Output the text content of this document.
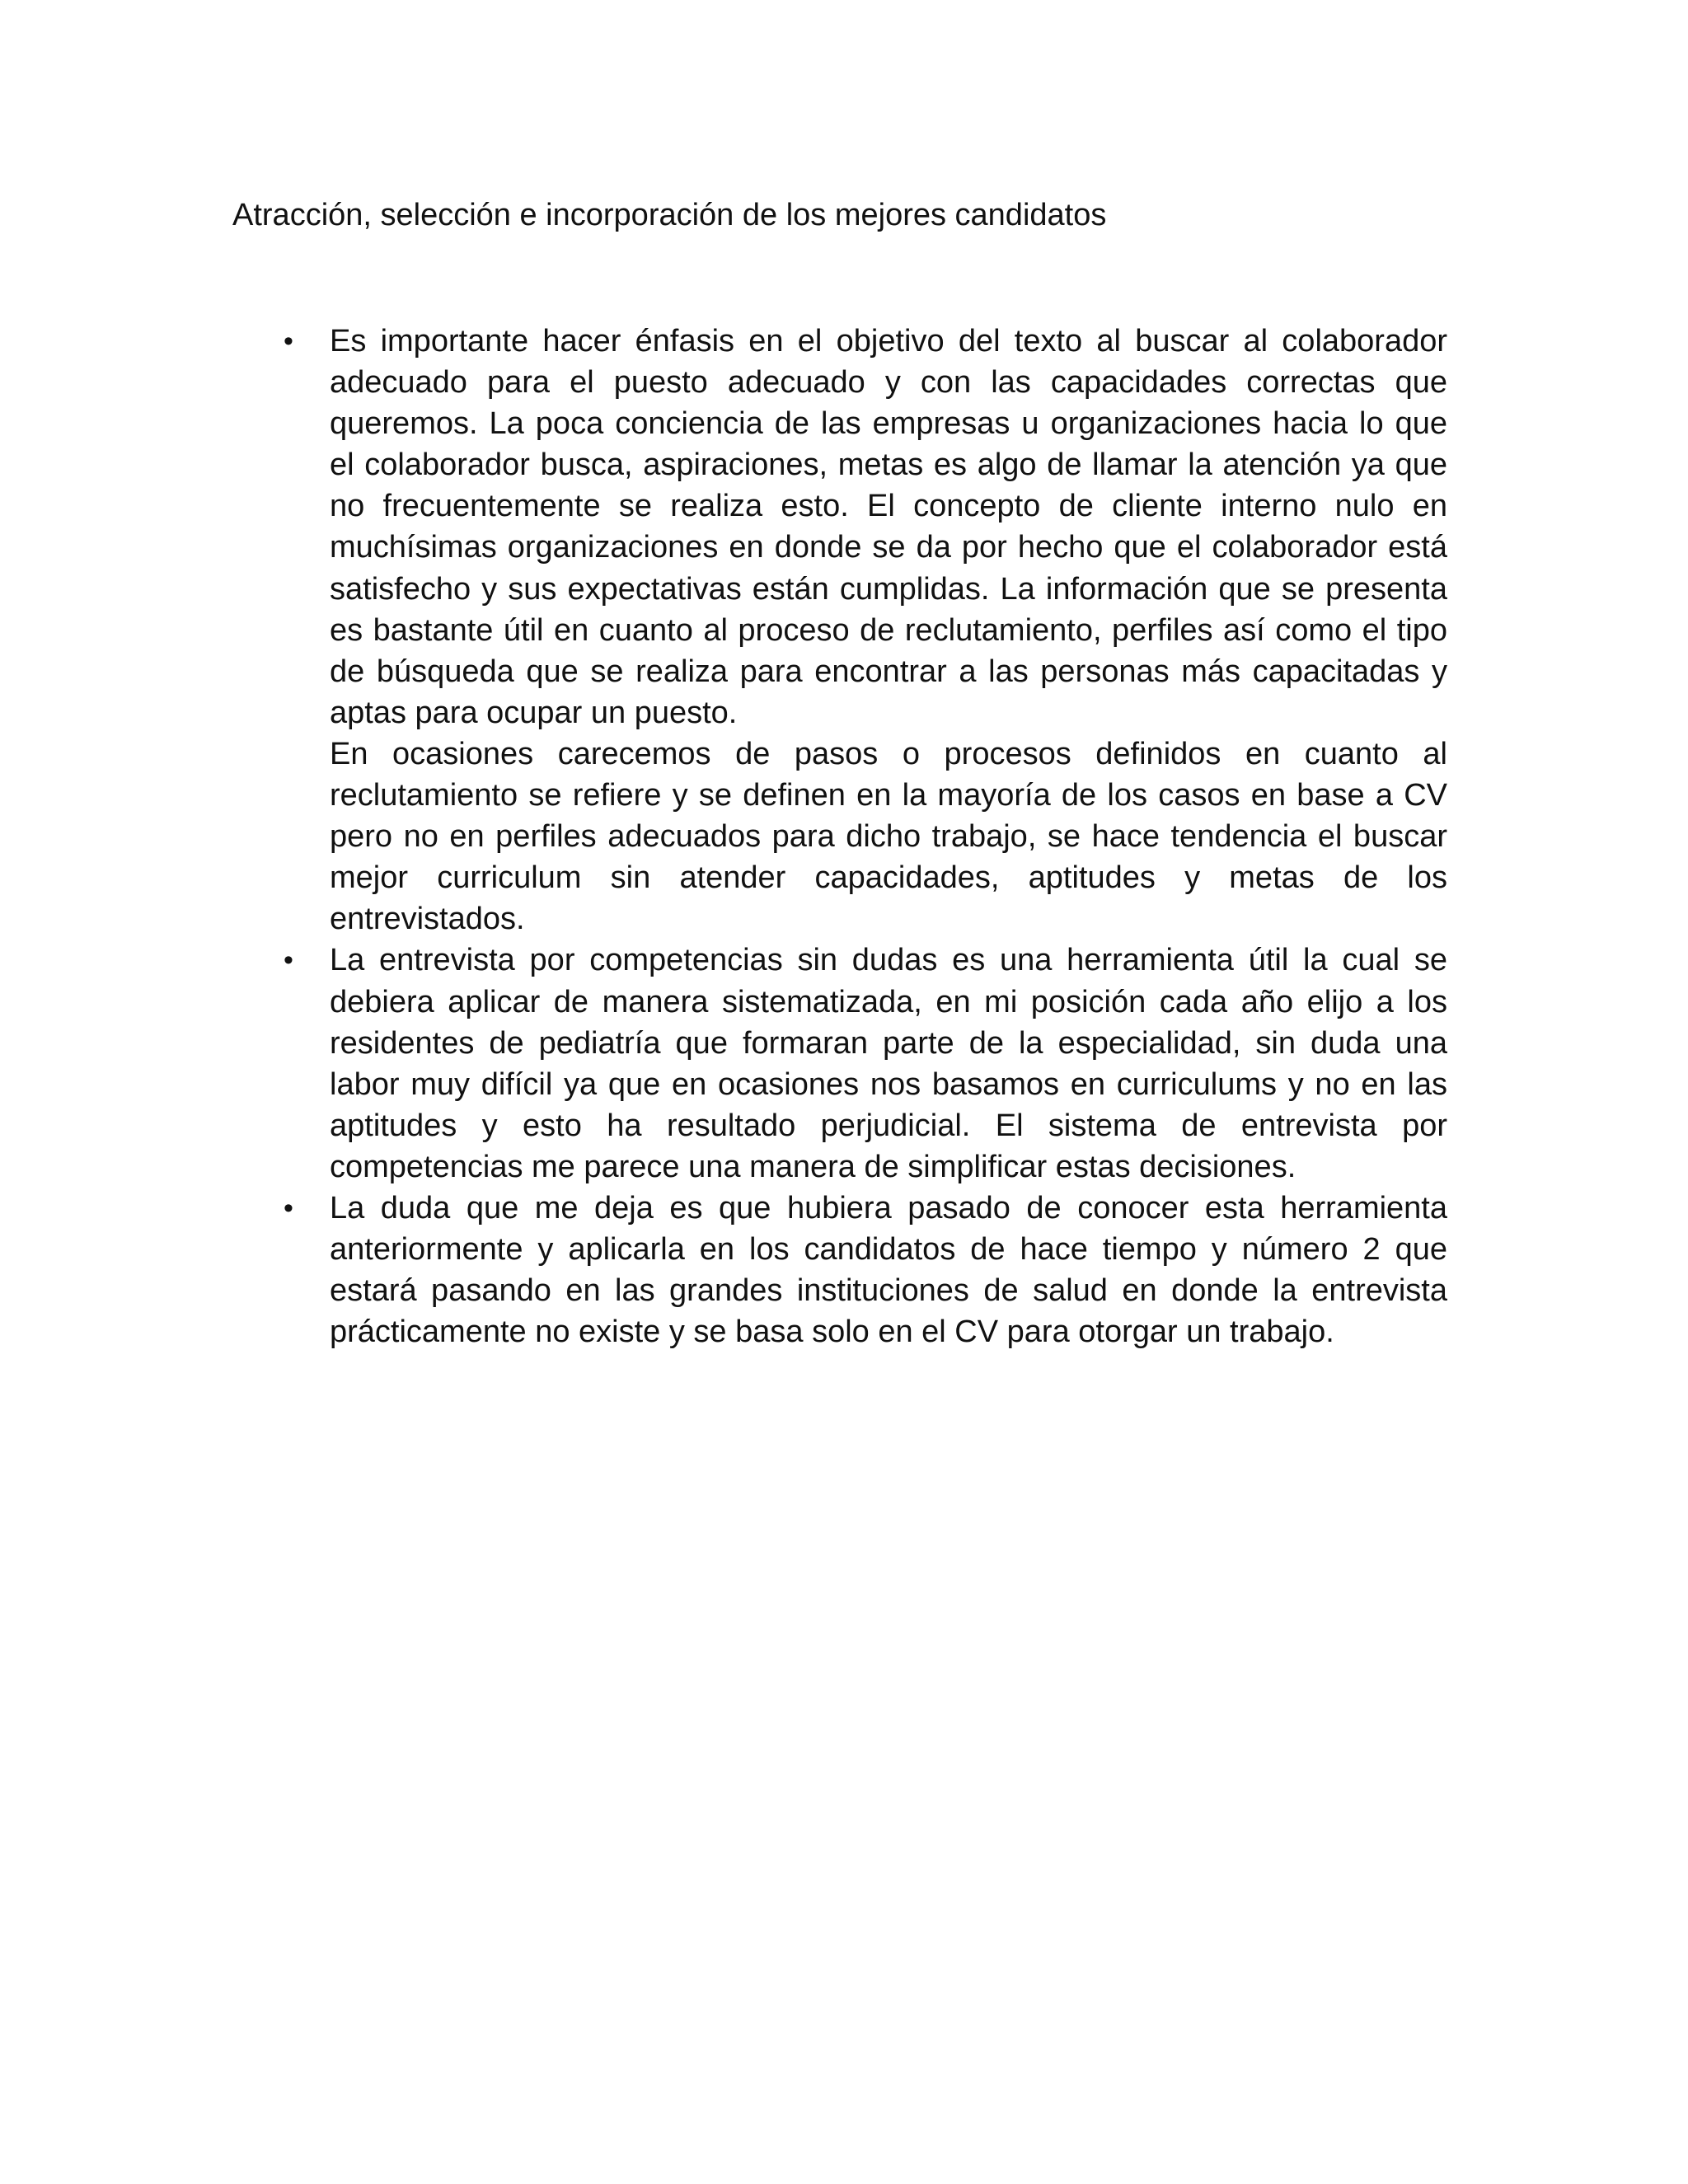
Atracción, selección e incorporación de los mejores candidatos
• Es importante hacer énfasis en el objetivo del texto al buscar al colaborador adecuado para el puesto adecuado y con las capacidades correctas que queremos. La poca conciencia de las empresas u organizaciones hacia lo que el colaborador busca, aspiraciones, metas es algo de llamar la atención ya que no frecuentemente se realiza esto. El concepto de cliente interno nulo en muchísimas organizaciones en donde se da por hecho que el colaborador está satisfecho y sus expectativas están cumplidas. La información que se presenta es bastante útil en cuanto al proceso de reclutamiento, perfiles así como el tipo de búsqueda que se realiza para encontrar a las personas más capacitadas y aptas para ocupar un puesto.

En ocasiones carecemos de pasos o procesos definidos en cuanto al reclutamiento se refiere y se definen en la mayoría de los casos en base a CV pero no en perfiles adecuados para dicho trabajo, se hace tendencia el buscar mejor curriculum sin atender capacidades, aptitudes y metas de los entrevistados.

• La entrevista por competencias sin dudas es una herramienta útil la cual se debiera aplicar de manera sistematizada, en mi posición cada año elijo a los residentes de pediatría que formaran parte de la especialidad, sin duda una labor muy difícil ya que en ocasiones nos basamos en curriculums y no en las aptitudes y esto ha resultado perjudicial. El sistema de entrevista por competencias me parece una manera de simplificar estas decisiones.

• La duda que me deja es que hubiera pasado de conocer esta herramienta anteriormente y aplicarla en los candidatos de hace tiempo y número 2 que estará pasando en las grandes instituciones de salud en donde la entrevista prácticamente no existe y se basa solo en el CV para otorgar un trabajo.
